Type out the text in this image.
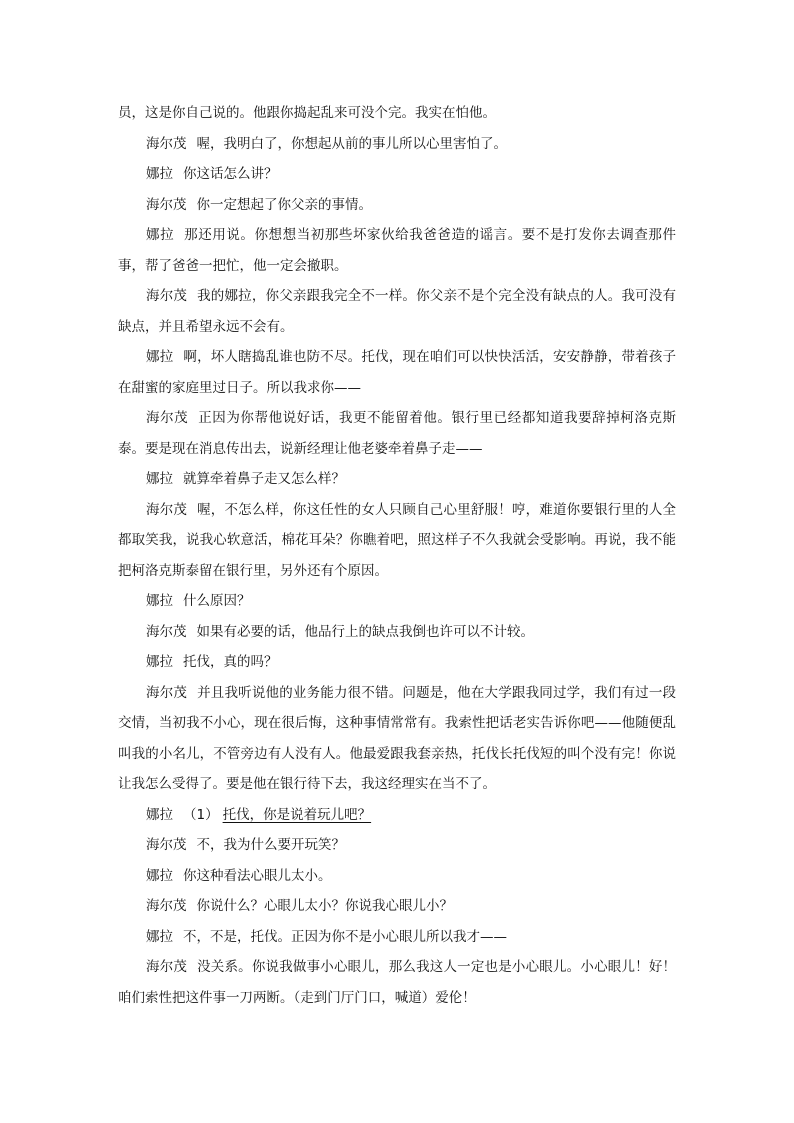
员，这是你自己说的。他跟你捣起乱来可没个完。我实在怕他。

海尔茂 喔，我明白了，你想起从前的事儿所以心里害怕了。

娜拉 你这话怎么讲？

海尔茂 你一定想起了你父亲的事情。

娜拉 那还用说。你想想当初那些坏家伙给我爸爸造的谣言。要不是打发你去调查那件事，帮了爸爸一把忙，他一定会撤职。

海尔茂 我的娜拉，你父亲跟我完全不一样。你父亲不是个完全没有缺点的人。我可没有缺点，并且希望永远不会有。

娜拉 啊，坏人瞎捣乱谁也防不尽。托伐，现在咱们可以快快活活，安安静静，带着孩子在甜蜜的家庭里过日子。所以我求你——

海尔茂 正因为你帮他说好话，我更不能留着他。银行里已经都知道我要辞掉柯洛克斯泰。要是现在消息传出去，说新经理让他老婆牵着鼻子走——

娜拉 就算牵着鼻子走又怎么样？

海尔茂 喔，不怎么样，你这任性的女人只顾自己心里舒服！哼，难道你要银行里的人全都取笑我，说我心软意活，棉花耳朵？你瞧着吧，照这样子不久我就会受影响。再说，我不能把柯洛克斯泰留在银行里，另外还有个原因。

娜拉 什么原因？

海尔茂 如果有必要的话，他品行上的缺点我倒也许可以不计较。

娜拉 托伐，真的吗？

海尔茂 并且我听说他的业务能力很不错。问题是，他在大学跟我同过学，我们有过一段交情，当初我不小心，现在很后悔，这种事情常常有。我索性把话老实告诉你吧——他随便乱叫我的小名儿，不管旁边有人没有人。他最爱跟我套亲热，托伐长托伐短的叫个没有完！你说让我怎么受得了。要是他在银行待下去，我这经理实在当不了。

娜拉 （1） 托伐，你是说着玩儿吧？

海尔茂 不，我为什么要开玩笑？

娜拉 你这种看法心眼儿太小。

海尔茂 你说什么？心眼儿太小？你说我心眼儿小？

娜拉 不，不是，托伐。正因为你不是小心眼儿所以我才——

海尔茂 没关系。你说我做事小心眼儿，那么我这人一定也是小心眼儿。小心眼儿！好！咱们索性把这件事一刀两断。（走到门厅门口，喊道）爱伦！
